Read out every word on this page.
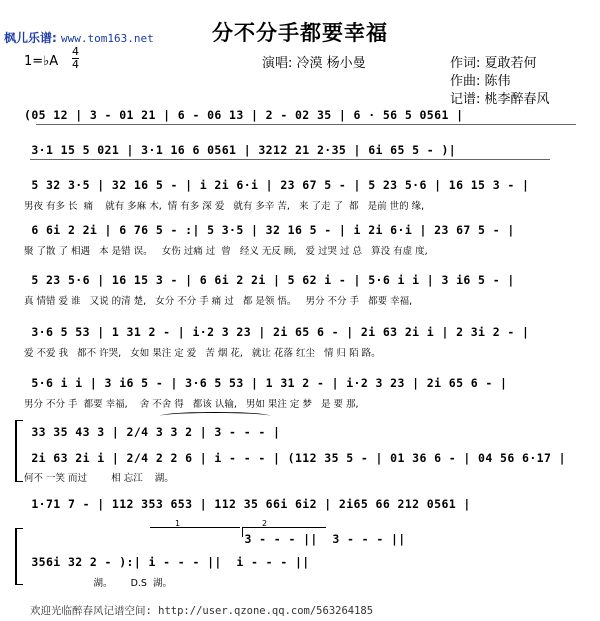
枫儿乐谱: www.tom163.net	分不分手都要幸福
1=♭A
4
4	演唱: 冷漠 杨小曼	作词: 夏敢若何
作曲: 陈伟
记谱: 桃李醉春风
(05 12 | 3 - 01 21 | 6 - 06 13 | 2 - 02 35 | 6 · 56 5 0561 |
3·1 15 5 021 | 3·1 16 6 0561 | 3212 21 2·35 | 6i 65 5 - )|
5 32 3·5 | 32 16 5 - | i 2i 6·i | 23 67 5 - | 5 23 5·6 | 16 15 3 - |
男夜 有多 长  痛    就有 多麻 木,  情 有多 深 爱   就有 多辛 苦,   来 了走 了  都   是前 世的 缘,
6 6i 2 2i | 6 76 5 - :| 5 3·5 | 32 16 5 - | i 2i 6·i | 23 67 5 - |
聚 了散 了 相遇   本 是错 误。   女伤 过痛 过  曾   经义 无反 顾,   爱 过哭 过 总   算没 有虚 度,
5 23 5·6 | 16 15 3 - | 6 6i 2 2i | 5 62 i - | 5·6 i i | 3 i6 5 - |
真 情错 爱 谁   又说 的清 楚,   女分 不分 手 痛 过   都 是领 悟。   男分 不分 手   都要 幸福,
3·6 5 53 | 1 31 2 - | i·2 3 23 | 2i 65 6 - | 2i 63 2i i | 2 3i 2 - |
爱 不爱 我   都不 许哭,   女如 果注 定 爱   苦 烟 花,   就让 花落 红尘   情 归 陌 路。
5·6 i i | 3 i6 5 - | 3·6 5 53 | 1 31 2 - | i·2 3 23 | 2i 65 6 - |
男分 不分 手  都要 幸福,    舍 不舍 得   都该 认输,   男如 果注 定 梦   是 要 那,
33 35 43 3 | 2/4 3 3 2 | 3 - - - |
2i 63 2i i | 2/4 2 2 6 | i - - - | (112 35 5 - | 01 36 6 - | 04 56 6·17 |
何不 一笑 而过        相 忘江    湖。
1·71 7 - | 112 353 653 | 112 35 66i 6i2 | 2i65 66 212 0561 |
1	2
3 - - - ||  3 - - - ||
356i 32 2 - ):| i - - - ||  i - - - ||
湖。      D.S  湖。
欢迎光临醉春风记谱空间: http://user.qzone.qq.com/563264185
